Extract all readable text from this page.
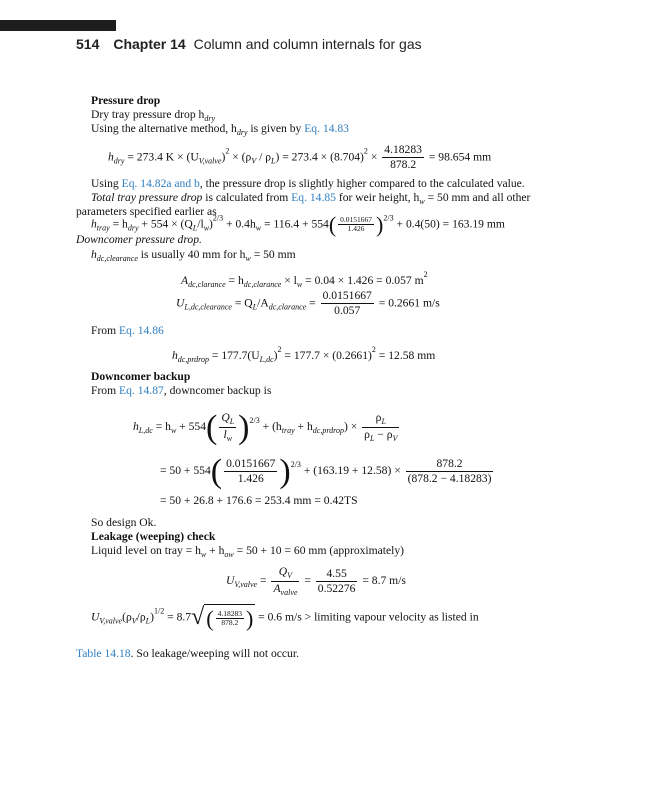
514 Chapter 14 Column and column internals for gas
Pressure drop
Dry tray pressure drop $h_{dry}$
Using the alternative method, $h_{dry}$ is given by Eq. 14.83
$h_{dry} = 273.4$ $K \times (U_{V,valve})^2 \times (\rho_V / \rho_L) = 273.4 \times (8.704)^2 \times \frac{4.18283}{878.2} = 98.654$ mm
Using Eq. 14.82a and b, the pressure drop is slightly higher compared to the calculated value.
Total tray pressure drop is calculated from Eq. 14.85 for weir height, $h_w = 50$ mm and all other
parameters specified earlier as
$h_{tray} = h_{dry} + 554 \times (Q_L/l_w)^{2/3} + 0.4h_w = 116.4 + 554( \frac{0.0151667}{1.426} )^{2/3} + 0.4(50) = 163.19$ mm
Downcomer pressure drop.
$h_{dc,clearance}$ is usually 40 mm for $h_w = 50$ mm
$A_{dc,clarance} = h_{dc,clarance} \times l_w = 0.04 \times 1.426 = 0.057$ $m^2$
$U_{L,dc,clearance} = Q_L/A_{dc,clarance} = \frac{0.0151667}{0.057} = 0.2661$ m/s
From Eq. 14.86
$h_{dc,prdrop} = 177.7(U_{L,dc})^2 = 177.7 \times (0.2661)^2 = 12.58$ mm
Downcomer backup
From Eq. 14.87, downcomer backup is
$h_{L,dc} = h_w + 554( \frac{Q_L}{l_w} )^{2/3} + (h_{tray} + h_{dc,prdrop}) \times \frac{\rho_L}{\rho_L - \rho_V}$
= $50 + 554( \frac{0.0151667}{1.426} )^{2/3} + (163.19 + 12.58) \times \frac{878.2}{(878.2 - 4.18283)}$
= 50 + 26.8 + 176.6 = 253.4 mm = 0.42TS
So design Ok.
Leakage (weeping) check
Liquid level on tray = $h_w + h_{ow} = 50 + 10 = 60$ mm (approximately)
$U_{V,valve} = \frac{Q_V}{A_{valve}} = \frac{4.55}{0.52276} = 8.7$ m/s
$U_{V,valve}(\rho_V/\rho_L)^{1/2} = 8.7√( \frac{4.18283}{878.2}$ ) = 0.6 m/s > limiting vapour velocity as listed in
Table 14.18. So leakage/weeping will not occur.
